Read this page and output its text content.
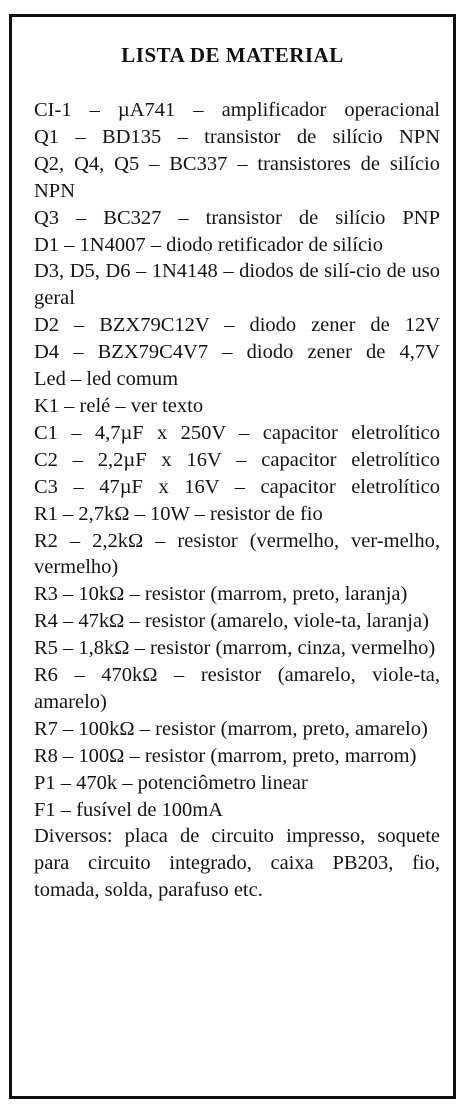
LISTA DE MATERIAL
CI-1 – µA741 – amplificador operacional
Q1 – BD135 – transistor de silício NPN
Q2, Q4, Q5 – BC337 – transistores de silício NPN
Q3 – BC327 – transistor de silício PNP
D1 – 1N4007 – diodo retificador de silício
D3, D5, D6 – 1N4148 – diodos de silí-cio de uso geral
D2 – BZX79C12V – diodo zener de 12V
D4 – BZX79C4V7 – diodo zener de 4,7V
Led – led comum
K1 – relé – ver texto
C1 – 4,7µF x 250V – capacitor eletrolítico
C2 – 2,2µF x 16V – capacitor eletrolítico
C3 – 47µF x 16V – capacitor eletrolítico
R1 – 2,7kΩ – 10W – resistor de fio
R2 – 2,2kΩ – resistor (vermelho, ver-melho, vermelho)
R3 – 10kΩ – resistor (marrom, preto, laranja)
R4 – 47kΩ – resistor (amarelo, viole-ta, laranja)
R5 – 1,8kΩ – resistor (marrom, cinza, vermelho)
R6 – 470kΩ – resistor (amarelo, viole-ta, amarelo)
R7 – 100kΩ – resistor (marrom, preto, amarelo)
R8 – 100Ω – resistor (marrom, preto, marrom)
P1 – 470k – potenciômetro linear
F1 – fusível de 100mA
Diversos: placa de circuito impresso, soquete para circuito integrado, caixa PB203, fio, tomada, solda, parafuso etc.
